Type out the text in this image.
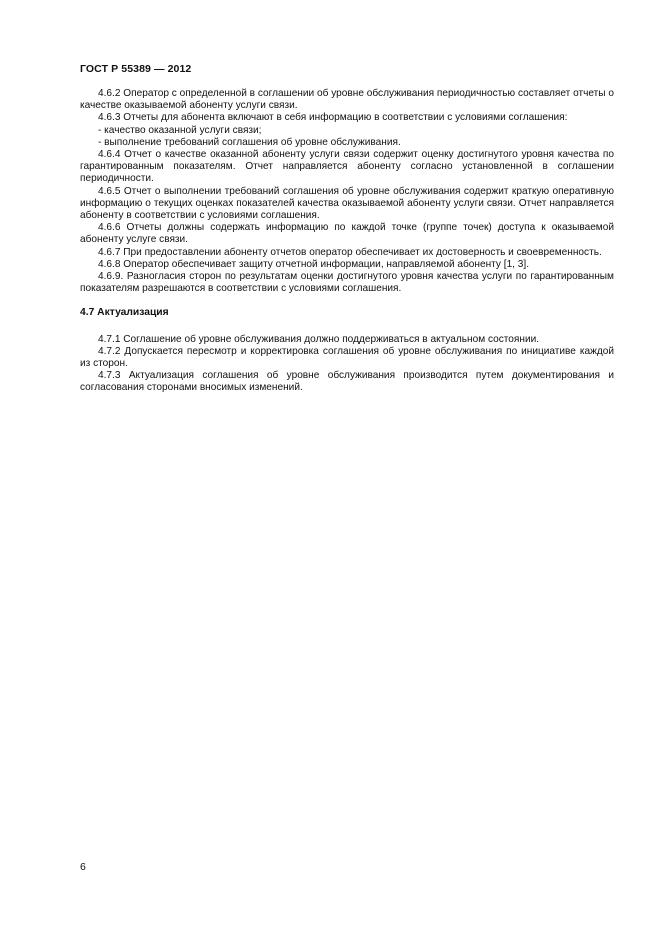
ГОСТ Р 55389 — 2012

4.6.2 Оператор с определенной в соглашении об уровне обслуживания периодичностью составляет отчеты о качестве оказываемой абоненту услуги связи.

4.6.3 Отчеты для абонента включают в себя информацию в соответствии с условиями соглашения:

- качество оказанной услуги связи;

- выполнение требований соглашения об уровне обслуживания.

4.6.4 Отчет о качестве оказанной абоненту услуги связи содержит оценку достигнутого уровня качества по гарантированным показателям. Отчет направляется абоненту согласно установленной в соглашении периодичности.

4.6.5 Отчет о выполнении требований соглашения об уровне обслуживания содержит краткую оперативную информацию о текущих оценках показателей качества оказываемой абоненту услуги связи. Отчет направляется абоненту в соответствии с условиями соглашения.

4.6.6 Отчеты должны содержать информацию по каждой точке (группе точек) доступа к оказываемой абоненту услуге связи.

4.6.7 При предоставлении абоненту отчетов оператор обеспечивает их достоверность и своевременность.

4.6.8 Оператор обеспечивает защиту отчетной информации, направляемой абоненту [1, 3].

4.6.9. Разногласия сторон по результатам оценки достигнутого уровня качества услуги по гарантированным показателям разрешаются в соответствии с условиями соглашения.

4.7 Актуализация

4.7.1 Соглашение об уровне обслуживания должно поддерживаться в актуальном состоянии.

4.7.2 Допускается пересмотр и корректировка соглашения об уровне обслуживания по инициативе каждой из сторон.

4.7.3 Актуализация соглашения об уровне обслуживания производится путем документирования и согласования сторонами вносимых изменений.

6
